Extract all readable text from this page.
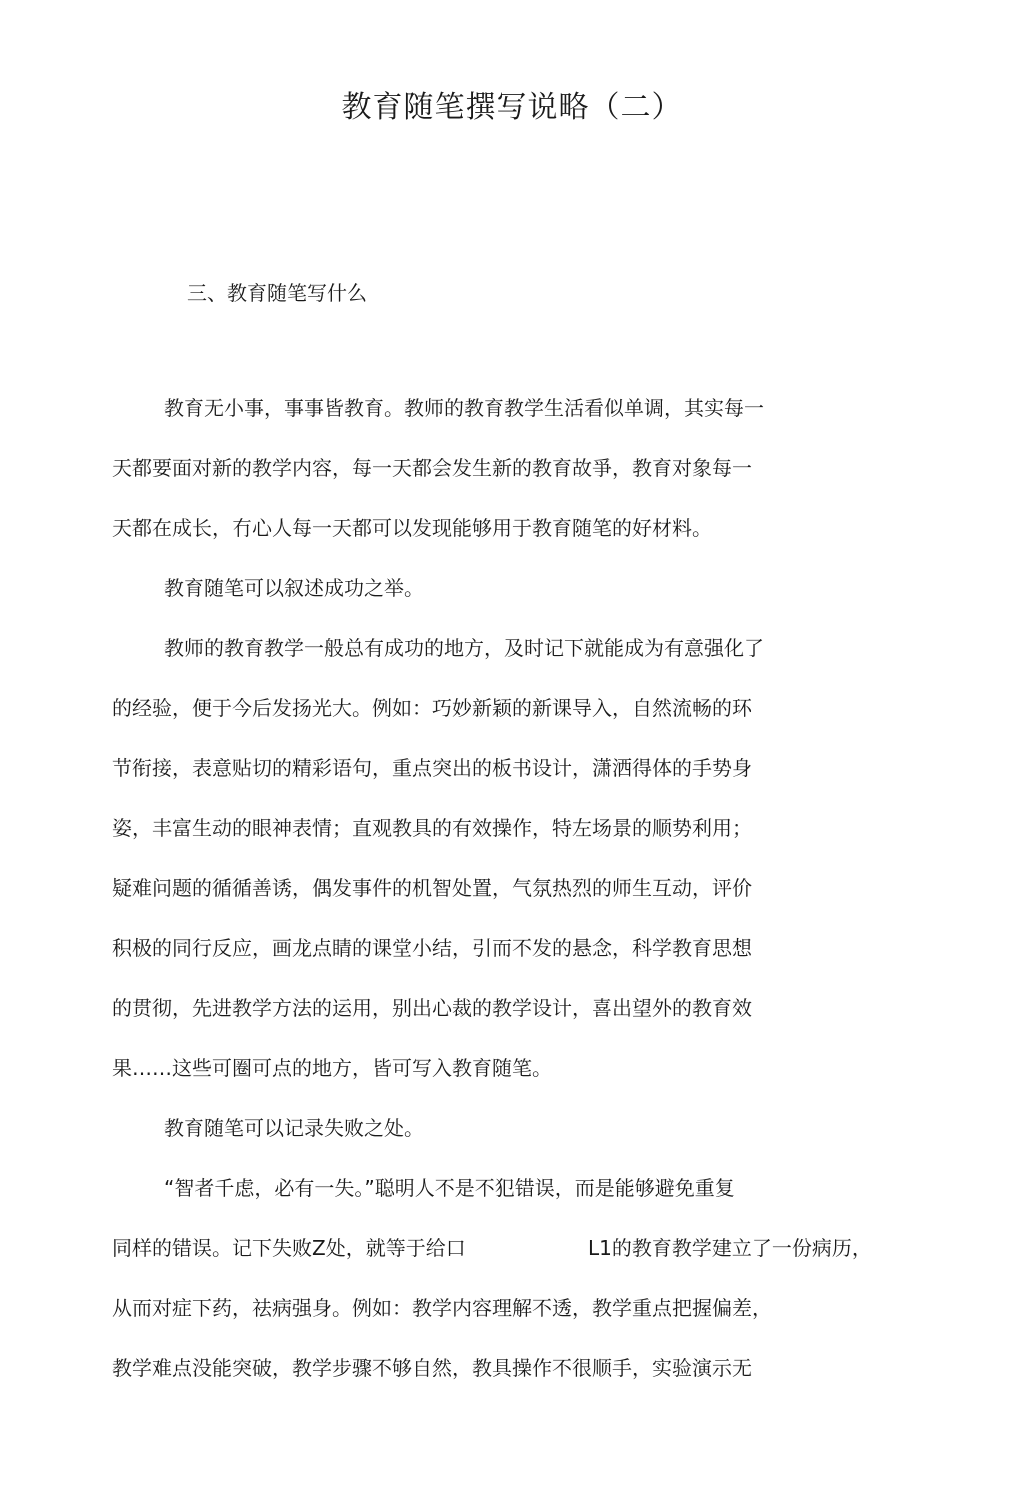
教育随笔撰写说略（二）

三、教育随笔写什么

教育无小事，事事皆教育。教师的教育教学生活看似单调，其实每一

天都要面对新的教学内容，每一天都会发生新的教育故爭，教育对象每一

天都在成长，冇心人每一天都可以发现能够用于教育随笔的好材料。

教育随笔可以叙述成功之举。

教师的教育教学一般总有成功的地方，及时记下就能成为有意强化了

的经验，便于今后发扬光大。例如：巧妙新颖的新课导入，自然流畅的环

节衔接，表意贴切的精彩语句，重点突出的板书设计，潇洒得体的手势身

姿，丰富生动的眼神表情；直观教具的有效操作，特左场景的顺势利用；

疑难问题的循循善诱，偶发事件的机智处置，气氛热烈的师生互动，评价

积极的同行反应，画龙点睛的课堂小结，引而不发的悬念，科学教育思想

的贯彻，先进教学方法的运用，别出心裁的教学设计，喜出望外的教育效

果……这些可圈可点的地方，皆可写入教育随笔。

教育随笔可以记录失败之处。

“智者千虑，必有一失。”聪明人不是不犯错误，而是能够避免重复

同样的错误。记下失败Z处，就等于给口	L1的教育教学建立了一份病历，

从而对症下药，祛病强身。例如：教学内容理解不透，教学重点把握偏差，

教学难点没能突破，教学步骤不够自然，教具操作不很顺手，实验演示无
